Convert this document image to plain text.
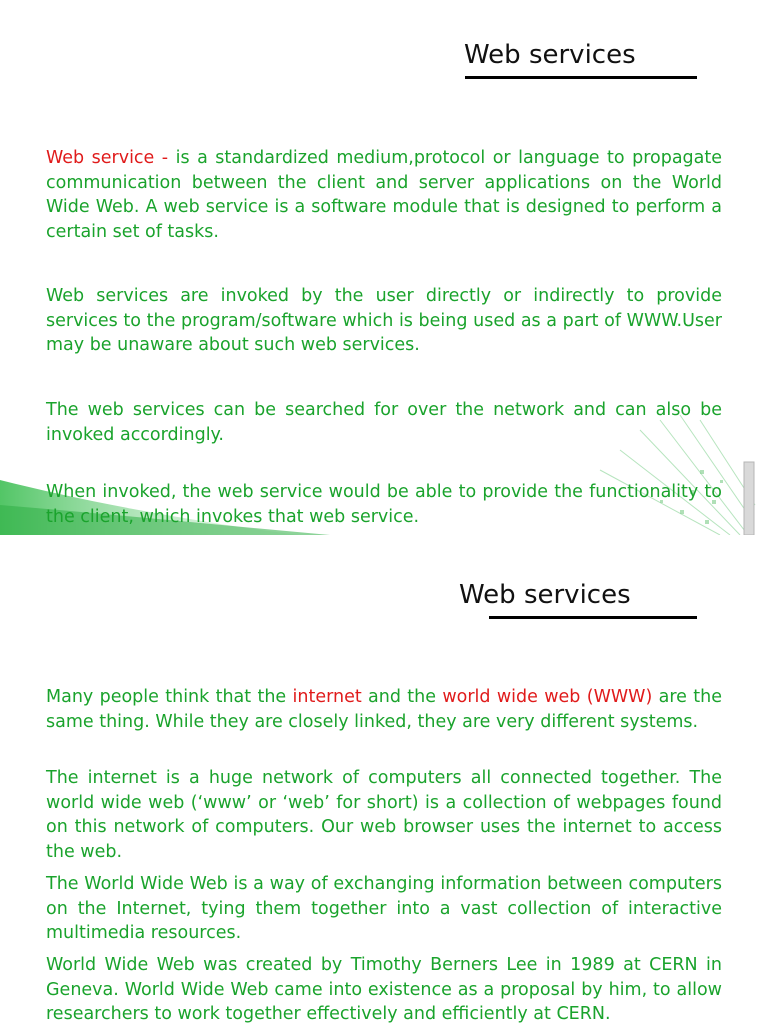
Web services

Web service - is a standardized medium,protocol or language to propagate communication between the client and server applications on the World Wide Web. A web service is a software module that is designed to perform a certain set of tasks.

Web services are invoked by the user directly or indirectly to provide services to the program/software which is being used as a part of WWW.User may be unaware about such web services.

The web services can be searched for over the network and can also be invoked accordingly.

When invoked, the web service would be able to provide the functionality to the client, which invokes that web service.

Web services

Many people think that the internet and the world wide web (WWW) are the same thing. While they are closely linked, they are very different systems.

The internet is a huge network of computers all connected together. The world wide web (‘www’ or ‘web’ for short) is a collection of webpages found on this network of computers. Our web browser uses the internet to access the web.

The World Wide Web is a way of exchanging information between computers on the Internet, tying them together into a vast collection of interactive multimedia resources.

World Wide Web was created by Timothy Berners Lee in 1989 at CERN in Geneva. World Wide Web came into existence as a proposal by him, to allow researchers to work together effectively and efficiently at CERN.
